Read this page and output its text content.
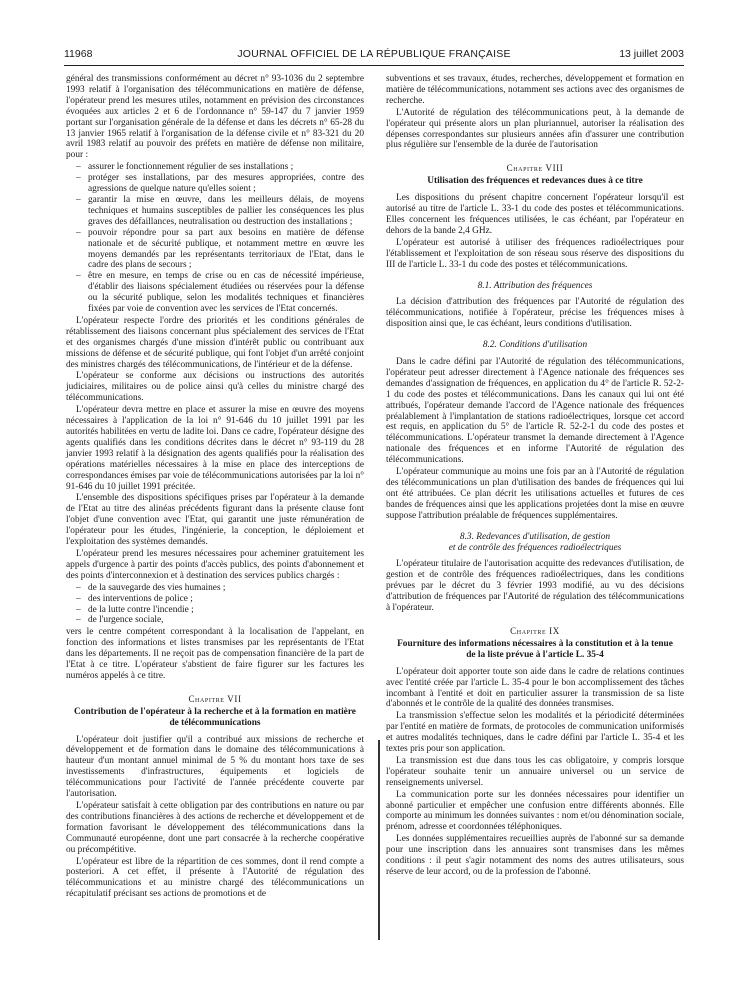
11968	JOURNAL OFFICIEL DE LA RÉPUBLIQUE FRANÇAISE	13 juillet 2003

général des transmissions conformément au décret n° 93-1036 du 2 septembre 1993 relatif à l'organisation des télécommunications en matière de défense, l'opérateur prend les mesures utiles, notamment en prévision des circonstances évoquées aux articles 2 et 6 de l'ordonnance n° 59-147 du 7 janvier 1959 portant sur l'organisation générale de la défense et dans les décrets n° 65-28 du 13 janvier 1965 relatif à l'organisation de la défense civile et n° 83-321 du 20 avril 1983 relatif au pouvoir des préfets en matière de défense non militaire, pour :

– assurer le fonctionnement régulier de ses installations ;
– protéger ses installations, par des mesures appropriées, contre des agressions de quelque nature qu'elles soient ;
– garantir la mise en œuvre, dans les meilleurs délais, de moyens techniques et humains susceptibles de pallier les conséquences les plus graves des défaillances, neutralisation ou destruction des installations ;
– pouvoir répondre pour sa part aux besoins en matière de défense nationale et de sécurité publique, et notamment mettre en œuvre les moyens demandés par les représentants territoriaux de l'Etat, dans le cadre des plans de secours ;
– être en mesure, en temps de crise ou en cas de nécessité impérieuse, d'établir des liaisons spécialement étudiées ou réservées pour la défense ou la sécurité publique, selon les modalités techniques et financières fixées par voie de convention avec les services de l'Etat concernés.

L'opérateur respecte l'ordre des priorités et les conditions générales de rétablissement des liaisons concernant plus spécialement des services de l'Etat et des organismes chargés d'une mission d'intérêt public ou contribuant aux missions de défense et de sécurité publique, qui font l'objet d'un arrêté conjoint des ministres chargés des télécommunications, de l'intérieur et de la défense.

L'opérateur se conforme aux décisions ou instructions des autorités judiciaires, militaires ou de police ainsi qu'à celles du ministre chargé des télécommunications.

L'opérateur devra mettre en place et assurer la mise en œuvre des moyens nécessaires à l'application de la loi n° 91-646 du 10 juillet 1991 par les autorités habilitées en vertu de ladite loi. Dans ce cadre, l'opérateur désigne des agents qualifiés dans les conditions décrites dans le décret n° 93-119 du 28 janvier 1993 relatif à la désignation des agents qualifiés pour la réalisation des opérations matérielles nécessaires à la mise en place des interceptions de correspondances émises par voie de télécommunications autorisées par la loi n° 91-646 du 10 juillet 1991 précitée.

L'ensemble des dispositions spécifiques prises par l'opérateur à la demande de l'Etat au titre des alinéas précédents figurant dans la présente clause font l'objet d'une convention avec l'Etat, qui garantit une juste rémunération de l'opérateur pour les études, l'ingénierie, la conception, le déploiement et l'exploitation des systèmes demandés.

L'opérateur prend les mesures nécessaires pour acheminer gratuitement les appels d'urgence à partir des points d'accès publics, des points d'abonnement et des points d'interconnexion et à destination des services publics chargés :

– de la sauvegarde des vies humaines ;
– des interventions de police ;
– de la lutte contre l'incendie ;
– de l'urgence sociale,

vers le centre compétent correspondant à la localisation de l'appelant, en fonction des informations et listes transmises par les représentants de l'Etat dans les départements. Il ne reçoit pas de compensation financière de la part de l'Etat à ce titre. L'opérateur s'abstient de faire figurer sur les factures les numéros appelés à ce titre.

Chapitre VII
Contribution de l'opérateur à la recherche et à la formation en matière de télécommunications

L'opérateur doit justifier qu'il a contribué aux missions de recherche et développement et de formation dans le domaine des télécommunications à hauteur d'un montant annuel minimal de 5 % du montant hors taxe de ses investissements d'infrastructures, équipements et logiciels de télécommunications pour l'activité de l'année précédente couverte par l'autorisation.

L'opérateur satisfait à cette obligation par des contributions en nature ou par des contributions financières à des actions de recherche et développement et de formation favorisant le développement des télécommunications dans la Communauté européenne, dont une part consacrée à la recherche coopérative ou précompétitive.

L'opérateur est libre de la répartition de ces sommes, dont il rend compte a posteriori. A cet effet, il présente à l'Autorité de régulation des télécommunications et au ministre chargé des télécommunications un récapitulatif précisant ses actions de promotions et de

subventions et ses travaux, études, recherches, développement et formation en matière de télécommunications, notamment ses actions avec des organismes de recherche.

L'Autorité de régulation des télécommunications peut, à la demande de l'opérateur qui présente alors un plan pluriannuel, autoriser la réalisation des dépenses correspondantes sur plusieurs années afin d'assurer une contribution plus régulière sur l'ensemble de la durée de l'autorisation

Chapitre VIII
Utilisation des fréquences et redevances dues à ce titre

Les dispositions du présent chapitre concernent l'opérateur lorsqu'il est autorisé au titre de l'article L. 33-1 du code des postes et télécommunications. Elles concernent les fréquences utilisées, le cas échéant, par l'opérateur en dehors de la bande 2,4 GHz.

L'opérateur est autorisé à utiliser des fréquences radioélectriques pour l'établissement et l'exploitation de son réseau sous réserve des dispositions du III de l'article L. 33-1 du code des postes et télécommunications.

8.1. Attribution des fréquences

La décision d'attribution des fréquences par l'Autorité de régulation des télécommunications, notifiée à l'opérateur, précise les fréquences mises à disposition ainsi que, le cas échéant, leurs conditions d'utilisation.

8.2. Conditions d'utilisation

Dans le cadre défini par l'Autorité de régulation des télécommunications, l'opérateur peut adresser directement à l'Agence nationale des fréquences ses demandes d'assignation de fréquences, en application du 4° de l'article R. 52-2-1 du code des postes et télécommunications. Dans les canaux qui lui ont été attribués, l'opérateur demande l'accord de l'Agence nationale des fréquences préalablement à l'implantation de stations radioélectriques, lorsque cet accord est requis, en application du 5° de l'article R. 52-2-1 du code des postes et télécommunications. L'opérateur transmet la demande directement à l'Agence nationale des fréquences et en informe l'Autorité de régulation des télécommunications.

L'opérateur communique au moins une fois par an à l'Autorité de régulation des télécommunications un plan d'utilisation des bandes de fréquences qui lui ont été attribuées. Ce plan décrit les utilisations actuelles et futures de ces bandes de fréquences ainsi que les applications projetées dont la mise en œuvre suppose l'attribution préalable de fréquences supplémentaires.

8.3. Redevances d'utilisation, de gestion
et de contrôle des fréquences radioélectriques

L'opérateur titulaire de l'autorisation acquitte des redevances d'utilisation, de gestion et de contrôle des fréquences radioélectriques, dans les conditions prévues par le décret du 3 février 1993 modifié, au vu des décisions d'attribution de fréquences par l'Autorité de régulation des télécommunications à l'opérateur.

Chapitre IX
Fourniture des informations nécessaires à la constitution et à la tenue de la liste prévue à l'article L. 35-4

L'opérateur doit apporter toute son aide dans le cadre de relations continues avec l'entité créée par l'article L. 35-4 pour le bon accomplissement des tâches incombant à l'entité et doit en particulier assurer la transmission de sa liste d'abonnés et le contrôle de la qualité des données transmises.

La transmission s'effectue selon les modalités et la périodicité déterminées par l'entité en matière de formats, de protocoles de communication uniformisés et autres modalités techniques, dans le cadre défini par l'article L. 35-4 et les textes pris pour son application.

La transmission est due dans tous les cas obligatoire, y compris lorsque l'opérateur souhaite tenir un annuaire universel ou un service de renseignements universel.

La communication porte sur les données nécessaires pour identifier un abonné particulier et empêcher une confusion entre différents abonnés. Elle comporte au minimum les données suivantes : nom et/ou dénomination sociale, prénom, adresse et coordonnées téléphoniques.

Les données supplémentaires recueillies auprès de l'abonné sur sa demande pour une inscription dans les annuaires sont transmises dans les mêmes conditions : il peut s'agir notamment des noms des autres utilisateurs, sous réserve de leur accord, ou de la profession de l'abonné.
